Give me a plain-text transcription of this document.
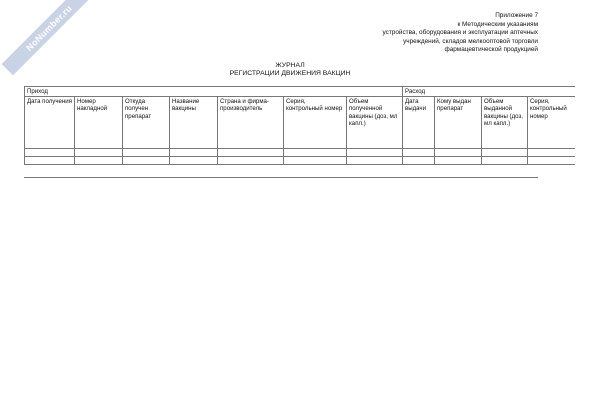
NoNumber.ru	Приложение 7
к Методическим указаниям
устройства, оборудования и эксплуатации аптечных
учреждений, складов мелкооптовой торговли
фармацевтической продукцией
ЖУРНАЛ
РЕГИСТРАЦИИ ДВИЖЕНИЯ ВАКЦИН
Приход							Расход			
Дата получения	Номер накладной	Откуда получен препарат	Название вакцины	Страна и фирма-производитель	Серия, контрольный номер	Объем полученной вакцины (доз, мл капл.)	Дата выдачи	Кому выдан препарат	Объем выданной вакцины (доз, мл капл.)	Серия, контрольный номер
